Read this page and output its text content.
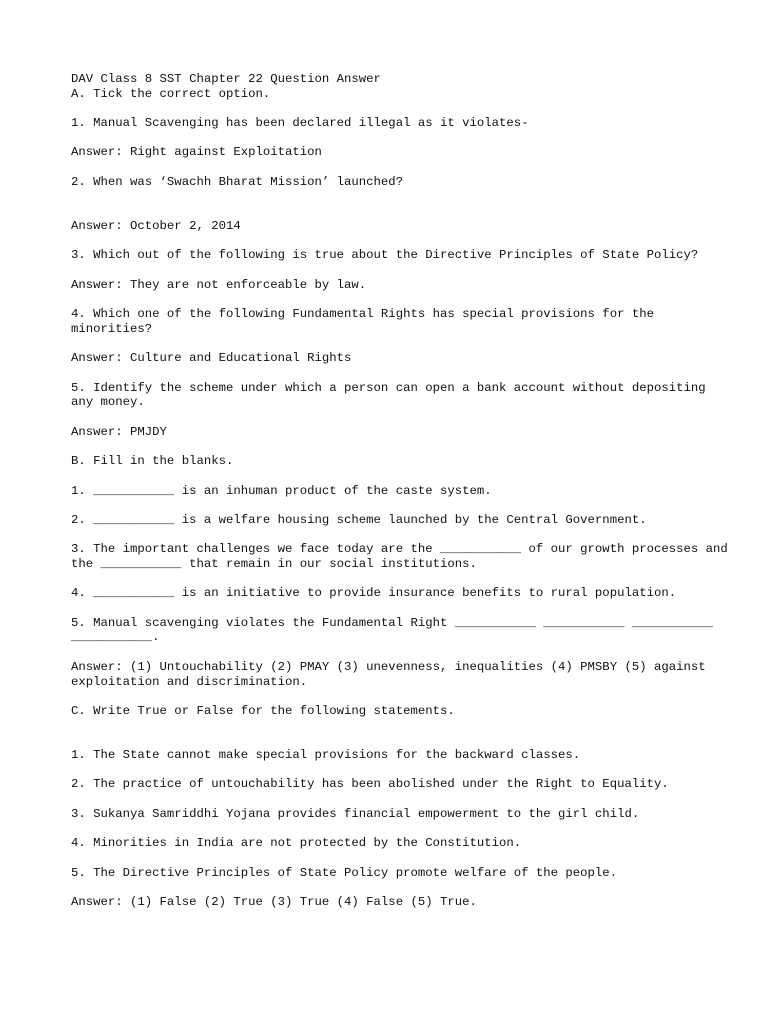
DAV Class 8 SST Chapter 22 Question Answer

A. Tick the correct option.

1. Manual Scavenging has been declared illegal as it violates-

Answer: Right against Exploitation

2. When was ‘Swachh Bharat Mission’ launched?

Answer: October 2, 2014

3. Which out of the following is true about the Directive Principles of State Policy?

Answer: They are not enforceable by law.

4. Which one of the following Fundamental Rights has special provisions for the minorities?

Answer: Culture and Educational Rights

5. Identify the scheme under which a person can open a bank account without depositing any money.

Answer: PMJDY

B. Fill in the blanks.

1. ___________ is an inhuman product of the caste system.

2. ___________ is a welfare housing scheme launched by the Central Government.

3. The important challenges we face today are the ___________ of our growth processes and the ___________ that remain in our social institutions.

4. ___________ is an initiative to provide insurance benefits to rural population.

5. Manual scavenging violates the Fundamental Right ___________ ___________ ___________ ___________.

Answer: (1) Untouchability (2) PMAY (3) unevenness, inequalities (4) PMSBY (5) against exploitation and discrimination.

C. Write True or False for the following statements.

1. The State cannot make special provisions for the backward classes.

2. The practice of untouchability has been abolished under the Right to Equality.

3. Sukanya Samriddhi Yojana provides financial empowerment to the girl child.

4. Minorities in India are not protected by the Constitution.

5. The Directive Principles of State Policy promote welfare of the people.

Answer: (1) False (2) True (3) True (4) False (5) True.
